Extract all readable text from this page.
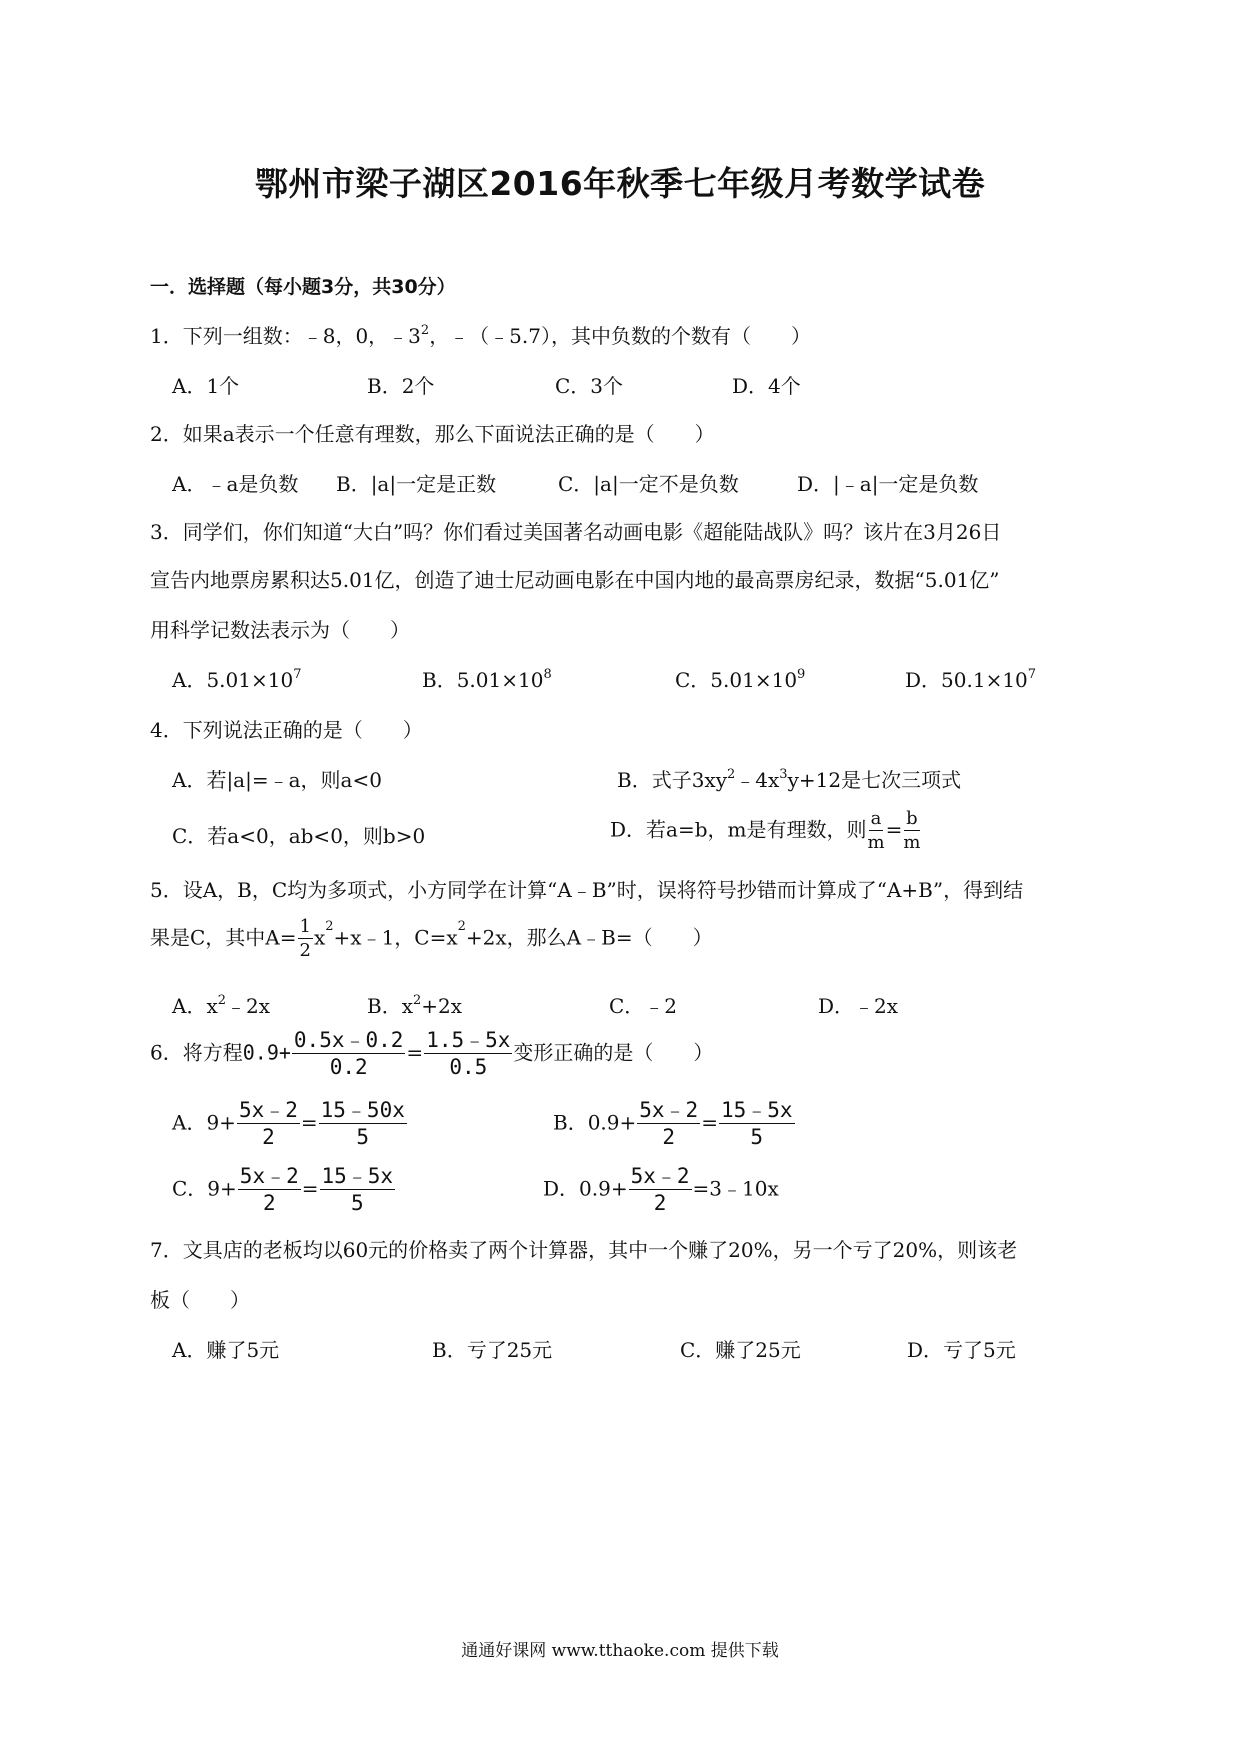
鄂州市梁子湖区2016年秋季七年级月考数学试卷
一．选择题（每小题3分，共30分）
1．下列一组数：﹣8，0，$﹣3^2$，﹣（﹣5.7），其中负数的个数有（　　）
A．1个	B．2个	C．3个	D．4个
2．如果a表示一个任意有理数，那么下面说法正确的是（　　）
A．﹣a是负数 B．|a|一定是正数	C．|a|一定不是负数	D．|﹣a|一定是负数
3．同学们，你们知道“大白”吗？你们看过美国著名动画电影《超能陆战队》吗？该片在3月26日
宣告内地票房累积达5.01亿，创造了迪士尼动画电影在中国内地的最高票房纪录，数据“5.01亿”
用科学记数法表示为（　　）
A．$5.01\times 10^7$	B．$5.01\times 10^8$	C．$5.01\times 10^9$	D．$50.1\times 10^7$
4．下列说法正确的是（　　）
A．若|a|=﹣a，则a<0	B．式子$3xy^2﹣4x^3y+12$是七次三项式
C．若a<0，ab<0，则b>0	D．若a=b，m是有理数，则 $\frac{a}{m} = \frac{b}{m}$
5．设A，B，C均为多项式，小方同学在计算“A﹣B”时，误将符号抄错而计算成了“A+B”，得到结
果是C，其中$A= \frac{1}{2}$ $x^2+x﹣1$，$C=x^2+2x$，那么A﹣B=（　　）
A．$x^2﹣2x$	B．$x^2+2x$	C．﹣2	D．﹣2x
6．将方程$0.9+ \frac{0.5x﹣0.2}{0.2} = \frac{1.5﹣5x}{0.5}$ 变形正确的是（　　）
A．$9+ \frac{5x﹣2}{2} = \frac{15﹣50x}{5}$	B．$0.9+ \frac{5x﹣2}{2} = \frac{15﹣5x}{5}$
C．$9+ \frac{5x﹣2}{2} = \frac{15﹣5x}{5}$	D．$0.9+ \frac{5x﹣2}{2}$ =3﹣10x
7．文具店的老板均以60元的价格卖了两个计算器，其中一个赚了20%，另一个亏了20%，则该老
板（　　）
A．赚了5元	B．亏了25元	C．赚了25元	D．亏了5元
通通好课网 www.tthaoke.com 提供下载
